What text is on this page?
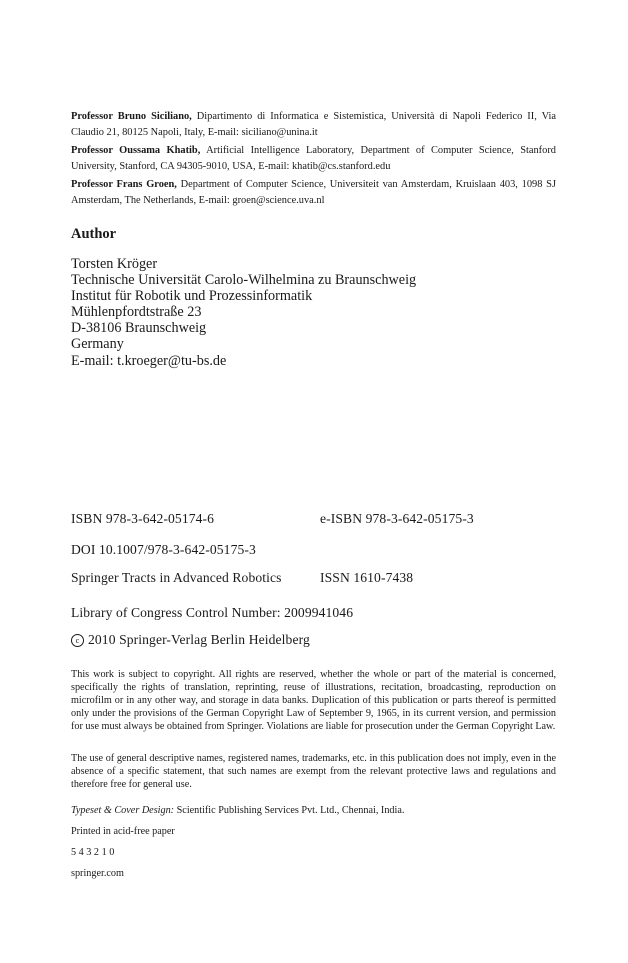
Professor Bruno Siciliano, Dipartimento di Informatica e Sistemistica, Università di Napoli Federico II, Via Claudio 21, 80125 Napoli, Italy, E-mail: siciliano@unina.it
Professor Oussama Khatib, Artificial Intelligence Laboratory, Department of Computer Science, Stanford University, Stanford, CA 94305-9010, USA, E-mail: khatib@cs.stanford.edu
Professor Frans Groen, Department of Computer Science, Universiteit van Amsterdam, Kruislaan 403, 1098 SJ Amsterdam, The Netherlands, E-mail: groen@science.uva.nl
Author
Torsten Kröger
Technische Universität Carolo-Wilhelmina zu Braunschweig
Institut für Robotik und Prozessinformatik
Mühlenpfordtstraße 23
D-38106 Braunschweig
Germany
E-mail: t.kroeger@tu-bs.de
ISBN 978-3-642-05174-6	e-ISBN 978-3-642-05175-3
DOI 10.1007/978-3-642-05175-3
Springer Tracts in Advanced Robotics	ISSN 1610-7438
Library of Congress Control Number: 2009941046
c 2010 Springer-Verlag Berlin Heidelberg
This work is subject to copyright. All rights are reserved, whether the whole or part of the material is concerned, specifically the rights of translation, reprinting, reuse of illustrations, recitation, broadcasting, reproduction on microfilm or in any other way, and storage in data banks. Duplication of this publication or parts thereof is permitted only under the provisions of the German Copyright Law of September 9, 1965, in its current version, and permission for use must always be obtained from Springer. Violations are liable for prosecution under the German Copyright Law.
The use of general descriptive names, registered names, trademarks, etc. in this publication does not imply, even in the absence of a specific statement, that such names are exempt from the relevant protective laws and regulations and therefore free for general use.
Typeset & Cover Design: Scientific Publishing Services Pvt. Ltd., Chennai, India.
Printed in acid-free paper
5 4 3 2 1 0
springer.com
